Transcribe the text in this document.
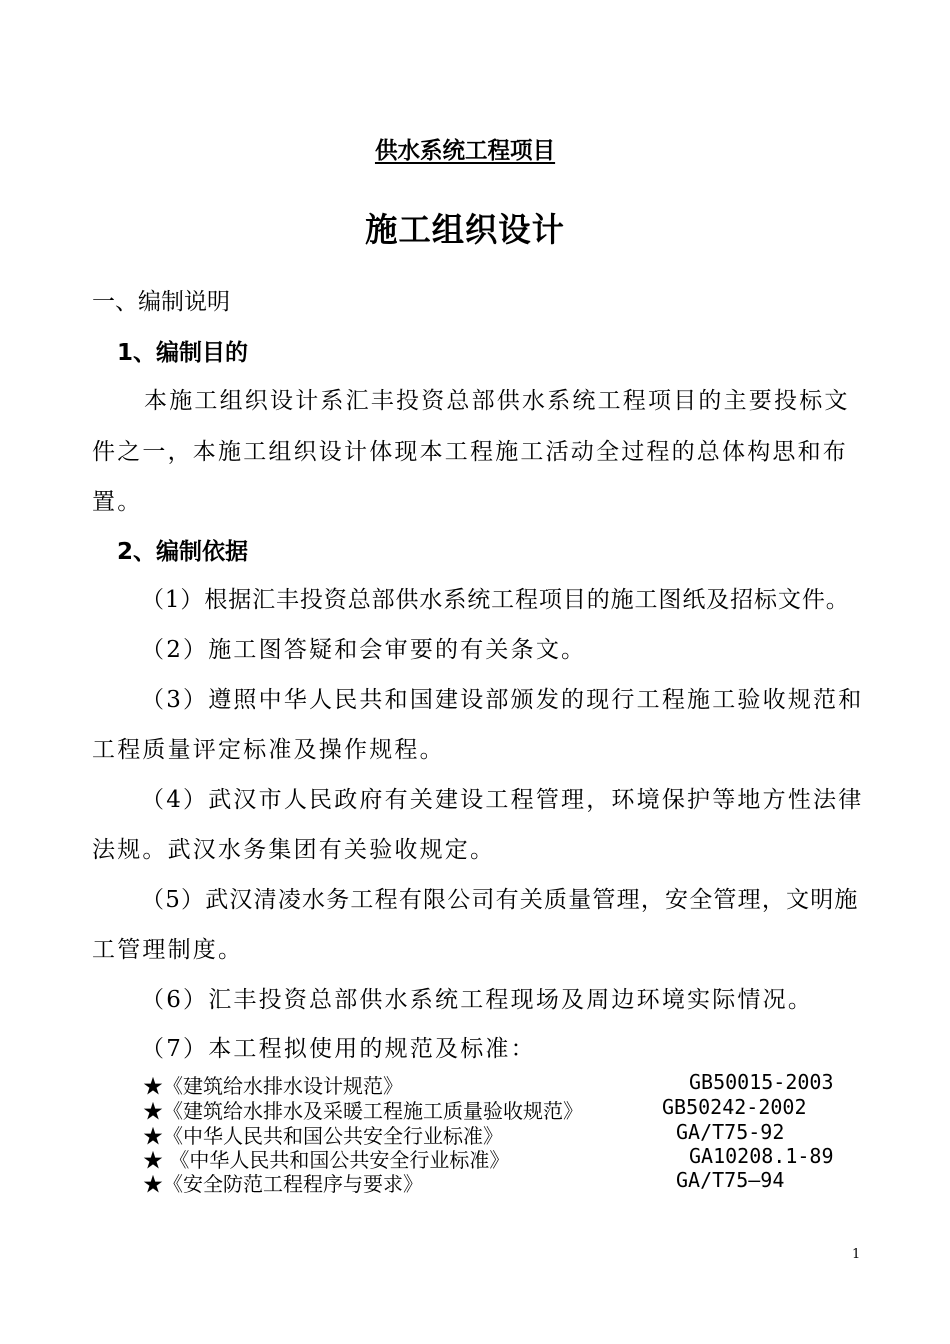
供水系统工程项目
施工组织设计
一、编制说明
1、编制目的
本施工组织设计系汇丰投资总部供水系统工程项目的主要投标文
件之一，本施工组织设计体现本工程施工活动全过程的总体构思和布
置。
2、编制依据
（1）根据汇丰投资总部供水系统工程项目的施工图纸及招标文件。
（2）施工图答疑和会审要的有关条文。
（3）遵照中华人民共和国建设部颁发的现行工程施工验收规范和
工程质量评定标准及操作规程。
（4）武汉市人民政府有关建设工程管理，环境保护等地方性法律
法规。武汉水务集团有关验收规定。
（5）武汉清凌水务工程有限公司有关质量管理，安全管理，文明施
工管理制度。
（6）汇丰投资总部供水系统工程现场及周边环境实际情况。
（7）本工程拟使用的规范及标准：
★《建筑给水排水设计规范》	GB50015-2003
★《建筑给水排水及采暖工程施工质量验收规范》	GB50242-2002
★《中华人民共和国公共安全行业标准》	GA/T75-92
★ 《中华人民共和国公共安全行业标准》	GA10208.1-89
★《安全防范工程程序与要求》	GA/T75—94
1
